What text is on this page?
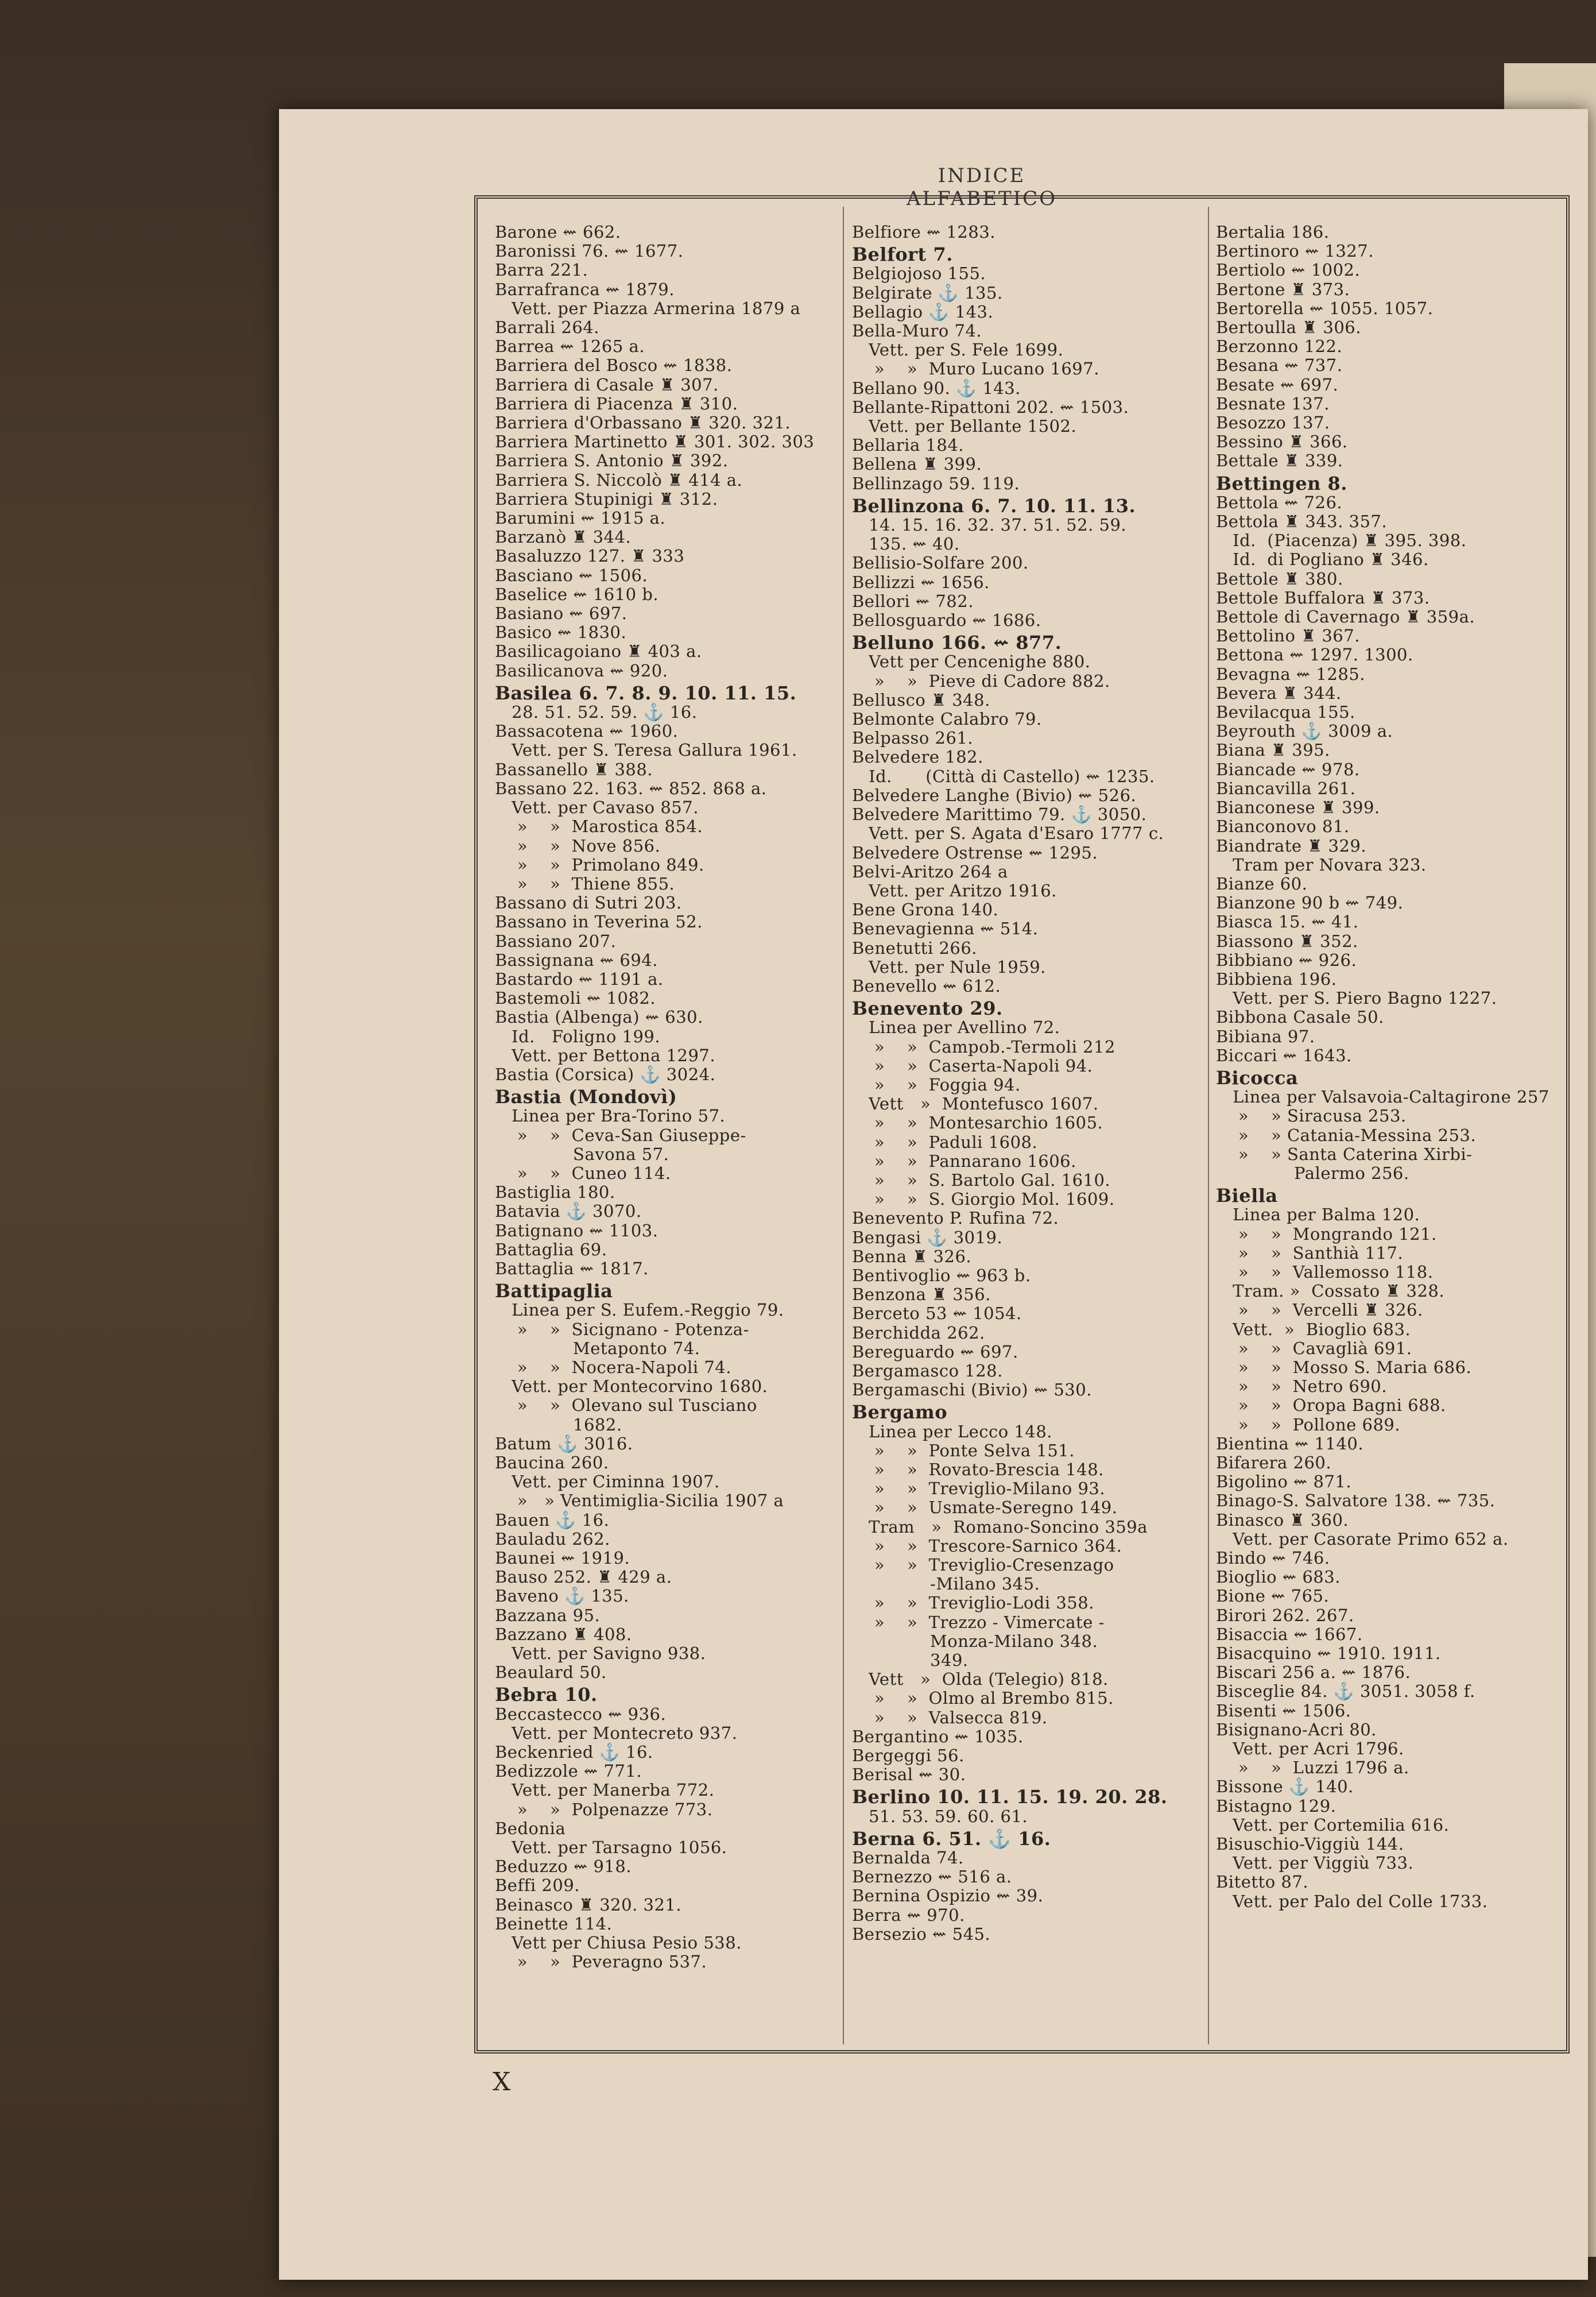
INDICE ALFABETICO
Barone ⇜ 662.
Baronissi 76. ⇜ 1677.
Barra 221.
Barrafranca ⇜ 1879.
Vett. per Piazza Armerina 1879 a
Barrali 264.
Barrea ⇜ 1265 a.
Barriera del Bosco ⇜ 1838.
Barriera di Casale ♜ 307.
Barriera di Piacenza ♜ 310.
Barriera d'Orbassano ♜ 320. 321.
Barriera Martinetto ♜ 301. 302. 303
Barriera S. Antonio ♜ 392.
Barriera S. Niccolò ♜ 414 a.
Barriera Stupinigi ♜ 312.
Barumini ⇜ 1915 a.
Barzanò ♜ 344.
Basaluzzo 127. ♜ 333
Basciano ⇜ 1506.
Baselice ⇜ 1610 b.
Basiano ⇜ 697.
Basico ⇜ 1830.
Basilicagoiano ♜ 403 a.
Basilicanova ⇜ 920.
Basilea 6. 7. 8. 9. 10. 11. 15.
28. 51. 52. 59. ⚓ 16.
Bassacotena ⇜ 1960.
Vett. per S. Teresa Gallura 1961.
Bassanello ♜ 388.
Bassano 22. 163. ⇜ 852. 868 a.
Vett. per Cavaso 857.
»    »  Marostica 854.
»    »  Nove 856.
»    »  Primolano 849.
»    »  Thiene 855.
Bassano di Sutri 203.
Bassano in Teverina 52.
Bassiano 207.
Bassignana ⇜ 694.
Bastardo ⇜ 1191 a.
Bastemoli ⇜ 1082.
Bastia (Albenga) ⇜ 630.
Id.   Foligno 199.
Vett. per Bettona 1297.
Bastia (Corsica) ⚓ 3024.
Bastia (Mondovì)
Linea per Bra-Torino 57.
»    »  Ceva-San Giuseppe-
Savona 57.
»    »  Cuneo 114.
Bastiglia 180.
Batavia ⚓ 3070.
Batignano ⇜ 1103.
Battaglia 69.
Battaglia ⇜ 1817.
Battipaglia
Linea per S. Eufem.-Reggio 79.
»    »  Sicignano - Potenza-
Metaponto 74.
»    »  Nocera-Napoli 74.
Vett. per Montecorvino 1680.
»    »  Olevano sul Tusciano
1682.
Batum ⚓ 3016.
Baucina 260.
Vett. per Ciminna 1907.
»   » Ventimiglia-Sicilia 1907 a
Bauen ⚓ 16.
Bauladu 262.
Baunei ⇜ 1919.
Bauso 252. ♜ 429 a.
Baveno ⚓ 135.
Bazzana 95.
Bazzano ♜ 408.
Vett. per Savigno 938.
Beaulard 50.
Bebra 10.
Beccastecco ⇜ 936.
Vett. per Montecreto 937.
Beckenried ⚓ 16.
Bedizzole ⇜ 771.
Vett. per Manerba 772.
»    »  Polpenazze 773.
Bedonia
Vett. per Tarsagno 1056.
Beduzzo ⇜ 918.
Beffi 209.
Beinasco ♜ 320. 321.
Beinette 114.
Vett per Chiusa Pesio 538.
»    »  Peveragno 537.
Belfiore ⇜ 1283.
Belfort 7.
Belgiojoso 155.
Belgirate ⚓ 135.
Bellagio ⚓ 143.
Bella-Muro 74.
Vett. per S. Fele 1699.
»    »  Muro Lucano 1697.
Bellano 90. ⚓ 143.
Bellante-Ripattoni 202. ⇜ 1503.
Vett. per Bellante 1502.
Bellaria 184.
Bellena ♜ 399.
Bellinzago 59. 119.
Bellinzona 6. 7. 10. 11. 13.
14. 15. 16. 32. 37. 51. 52. 59.
135. ⇜ 40.
Bellisio-Solfare 200.
Bellizzi ⇜ 1656.
Bellori ⇜ 782.
Bellosguardo ⇜ 1686.
Belluno 166. ⇜ 877.
Vett per Cencenighe 880.
»    »  Pieve di Cadore 882.
Bellusco ♜ 348.
Belmonte Calabro 79.
Belpasso 261.
Belvedere 182.
Id.      (Città di Castello) ⇜ 1235.
Belvedere Langhe (Bivio) ⇜ 526.
Belvedere Marittimo 79. ⚓ 3050.
Vett. per S. Agata d'Esaro 1777 c.
Belvedere Ostrense ⇜ 1295.
Belvi-Aritzo 264 a
Vett. per Aritzo 1916.
Bene Grona 140.
Benevagienna ⇜ 514.
Benetutti 266.
Vett. per Nule 1959.
Benevello ⇜ 612.
Benevento 29.
Linea per Avellino 72.
»    »  Campob.-Termoli 212
»    »  Caserta-Napoli 94.
»    »  Foggia 94.
Vett   »  Montefusco 1607.
»    »  Montesarchio 1605.
»    »  Paduli 1608.
»    »  Pannarano 1606.
»    »  S. Bartolo Gal. 1610.
»    »  S. Giorgio Mol. 1609.
Benevento P. Rufina 72.
Bengasi ⚓ 3019.
Benna ♜ 326.
Bentivoglio ⇜ 963 b.
Benzona ♜ 356.
Berceto 53 ⇜ 1054.
Berchidda 262.
Bereguardo ⇜ 697.
Bergamasco 128.
Bergamaschi (Bivio) ⇜ 530.
Bergamo
Linea per Lecco 148.
»    »  Ponte Selva 151.
»    »  Rovato-Brescia 148.
»    »  Treviglio-Milano 93.
»    »  Usmate-Seregno 149.
Tram   »  Romano-Soncino 359a
»    »  Trescore-Sarnico 364.
»    »  Treviglio-Cresenzago
-Milano 345.
»    »  Treviglio-Lodi 358.
»    »  Trezzo - Vimercate -
Monza-Milano 348.
349.
Vett   »  Olda (Telegio) 818.
»    »  Olmo al Brembo 815.
»    »  Valsecca 819.
Bergantino ⇜ 1035.
Bergeggi 56.
Berisal ⇜ 30.
Berlino 10. 11. 15. 19. 20. 28.
51. 53. 59. 60. 61.
Berna 6. 51. ⚓ 16.
Bernalda 74.
Bernezzo ⇜ 516 a.
Bernina Ospizio ⇜ 39.
Berra ⇜ 970.
Bersezio ⇜ 545.
Bertalia 186.
Bertinoro ⇜ 1327.
Bertiolo ⇜ 1002.
Bertone ♜ 373.
Bertorella ⇜ 1055. 1057.
Bertoulla ♜ 306.
Berzonno 122.
Besana ⇜ 737.
Besate ⇜ 697.
Besnate 137.
Besozzo 137.
Bessino ♜ 366.
Bettale ♜ 339.
Bettingen 8.
Bettola ⇜ 726.
Bettola ♜ 343. 357.
Id.  (Piacenza) ♜ 395. 398.
Id.  di Pogliano ♜ 346.
Bettole ♜ 380.
Bettole Buffalora ♜ 373.
Bettole di Cavernago ♜ 359a.
Bettolino ♜ 367.
Bettona ⇜ 1297. 1300.
Bevagna ⇜ 1285.
Bevera ♜ 344.
Bevilacqua 155.
Beyrouth ⚓ 3009 a.
Biana ♜ 395.
Biancade ⇜ 978.
Biancavilla 261.
Bianconese ♜ 399.
Bianconovo 81.
Biandrate ♜ 329.
Tram per Novara 323.
Bianze 60.
Bianzone 90 b ⇜ 749.
Biasca 15. ⇜ 41.
Biassono ♜ 352.
Bibbiano ⇜ 926.
Bibbiena 196.
Vett. per S. Piero Bagno 1227.
Bibbona Casale 50.
Bibiana 97.
Biccari ⇜ 1643.
Bicocca
Linea per Valsavoia-Caltagirone 257
»    » Siracusa 253.
»    » Catania-Messina 253.
»    » Santa Caterina Xirbi-
Palermo 256.
Biella
Linea per Balma 120.
»    »  Mongrando 121.
»    »  Santhià 117.
»    »  Vallemosso 118.
Tram. »  Cossato ♜ 328.
»    »  Vercelli ♜ 326.
Vett.  »  Bioglio 683.
»    »  Cavaglià 691.
»    »  Mosso S. Maria 686.
»    »  Netro 690.
»    »  Oropa Bagni 688.
»    »  Pollone 689.
Bientina ⇜ 1140.
Bifarera 260.
Bigolino ⇜ 871.
Binago-S. Salvatore 138. ⇜ 735.
Binasco ♜ 360.
Vett. per Casorate Primo 652 a.
Bindo ⇜ 746.
Bioglio ⇜ 683.
Bione ⇜ 765.
Birori 262. 267.
Bisaccia ⇜ 1667.
Bisacquino ⇜ 1910. 1911.
Biscari 256 a. ⇜ 1876.
Bisceglie 84. ⚓ 3051. 3058 f.
Bisenti ⇜ 1506.
Bisignano-Acri 80.
Vett. per Acri 1796.
»    »  Luzzi 1796 a.
Bissone ⚓ 140.
Bistagno 129.
Vett. per Cortemilia 616.
Bisuschio-Viggiù 144.
Vett. per Viggiù 733.
Bitetto 87.
Vett. per Palo del Colle 1733.
X
